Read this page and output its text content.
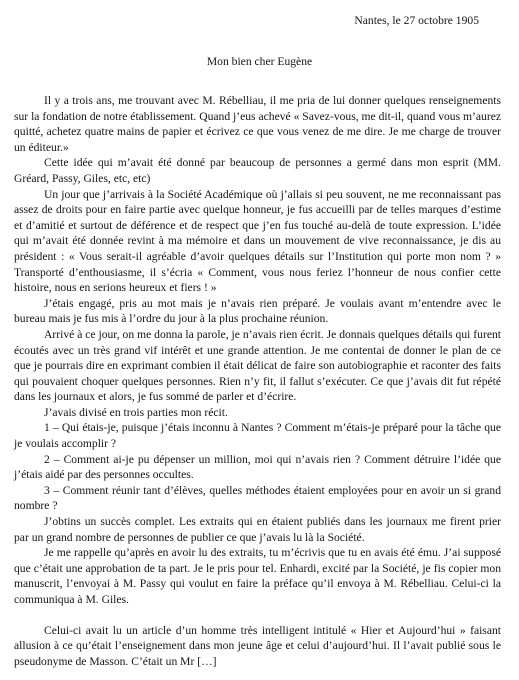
Nantes, le 27 octobre 1905
Mon bien cher Eugène

Il y a trois ans, me trouvant avec M. Rébelliau, il me pria de lui donner quelques renseignements sur la fondation de notre établissement. Quand j’eus achevé « Savez-vous, me dit-il, quand vous m’aurez quitté, achetez quatre mains de papier et écrivez ce que vous venez de me dire. Je me charge de trouver un éditeur.»

Cette idée qui m’avait été donné par beaucoup de personnes a germé dans mon esprit (MM. Gréard, Passy, Giles, etc, etc)

Un jour que j’arrivais à la Société Académique où j’allais si peu souvent, ne me reconnaissant pas assez de droits pour en faire partie avec quelque honneur, je fus accueilli par de telles marques d’estime et d’amitié et surtout de déférence et de respect que j’en fus touché au-delà de toute expression. L’idée qui m’avait été donnée revint à ma mémoire et dans un mouvement de vive reconnaissance, je dis au président : « Vous serait-il agréable d’avoir quelques détails sur l’Institution qui porte mon nom ? » Transporté d’enthousiasme, il s’écria « Comment, vous nous feriez l’honneur de nous confier cette histoire, nous en serions heureux et fiers ! »

J’étais engagé, pris au mot mais je n’avais rien préparé. Je voulais avant m’entendre avec le bureau mais je fus mis à l’ordre du jour à la plus prochaine réunion.

Arrivé à ce jour, on me donna la parole, je n’avais rien écrit. Je donnais quelques détails qui furent écoutés avec un très grand vif intérêt et une grande attention. Je me contentai de donner le plan de ce que je pourrais dire en exprimant combien il était délicat de faire son autobiographie et raconter des faits qui pouvaient choquer quelques personnes. Rien n’y fit, il fallut s’exécuter. Ce que j’avais dit fut répété dans les journaux et alors, je fus sommé de parler et d’écrire.

J’avais divisé en trois parties mon récit.

1 – Qui étais-je, puisque j’étais inconnu à Nantes ? Comment m’étais-je préparé pour la tâche que je voulais accomplir ?

2 – Comment ai-je pu dépenser un million, moi qui n’avais rien ? Comment détruire l’idée que j’étais aidé par des personnes occultes.

3 – Comment réunir tant d’élèves, quelles méthodes étaient employées pour en avoir un si grand nombre ?

J’obtins un succès complet. Les extraits qui en étaient publiés dans les journaux me firent prier par un grand nombre de personnes de publier ce que j’avais lu là la Société.

Je me rappelle qu’après en avoir lu des extraits, tu m’écrivis que tu en avais été ému. J’ai supposé que c’était une approbation de ta part. Je le pris pour tel. Enhardi, excité par la Société, je fis copier mon manuscrit, l’envoyai à M. Passy qui voulut en faire la préface qu’il envoya à M. Rébelliau. Celui-ci la communiqua à M. Giles.

Celui-ci avait lu un article d’un homme très intelligent intitulé « Hier et Aujourd’hui » faisant allusion à ce qu’était l’enseignement dans mon jeune âge et celui d’aujourd’hui. Il l’avait publié sous le pseudonyme de Masson. C’était un Mr […]
